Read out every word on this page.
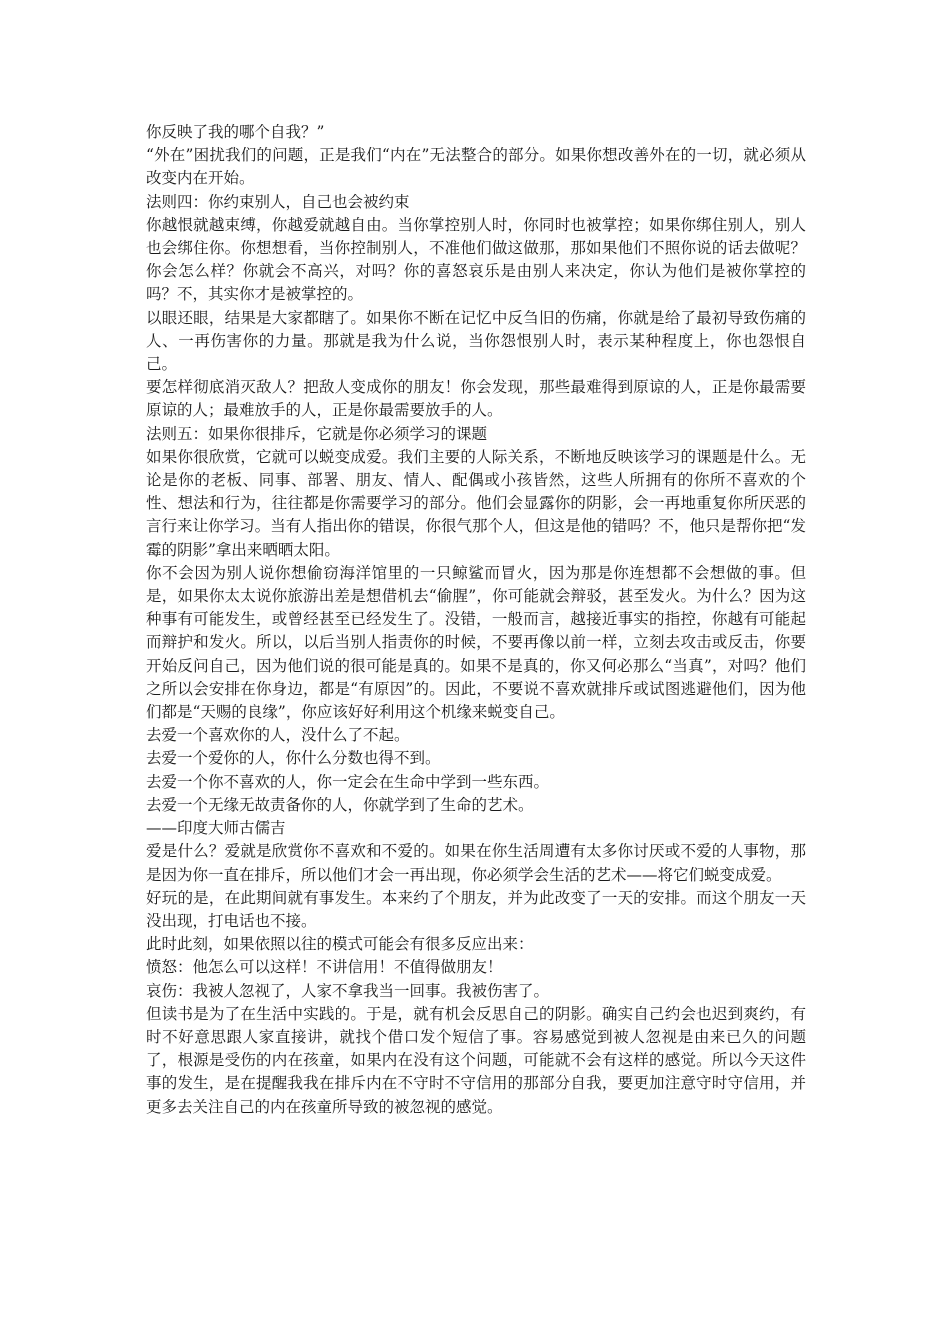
你反映了我的哪个自我？”

“外在”困扰我们的问题，正是我们“内在”无法整合的部分。如果你想改善外在的一切，就必须从改变内在开始。

法则四：你约束别人，自己也会被约束

你越恨就越束缚，你越爱就越自由。当你掌控别人时，你同时也被掌控；如果你绑住别人，别人也会绑住你。你想想看，当你控制别人，不准他们做这做那，那如果他们不照你说的话去做呢？你会怎么样？你就会不高兴，对吗？你的喜怒哀乐是由别人来决定，你认为他们是被你掌控的吗？不，其实你才是被掌控的。

以眼还眼，结果是大家都瞎了。如果你不断在记忆中反刍旧的伤痛，你就是给了最初导致伤痛的人、一再伤害你的力量。那就是我为什么说，当你怨恨别人时，表示某种程度上，你也怨恨自己。

要怎样彻底消灭敌人？把敌人变成你的朋友！你会发现，那些最难得到原谅的人，正是你最需要原谅的人；最难放手的人，正是你最需要放手的人。

法则五：如果你很排斥，它就是你必须学习的课题

如果你很欣赏，它就可以蜕变成爱。我们主要的人际关系，不断地反映该学习的课题是什么。无论是你的老板、同事、部署、朋友、情人、配偶或小孩皆然，这些人所拥有的你所不喜欢的个性、想法和行为，往往都是你需要学习的部分。他们会显露你的阴影，会一再地重复你所厌恶的言行来让你学习。当有人指出你的错误，你很气那个人，但这是他的错吗？不，他只是帮你把“发霉的阴影”拿出来晒晒太阳。

你不会因为别人说你想偷窃海洋馆里的一只鲸鲨而冒火，因为那是你连想都不会想做的事。但是，如果你太太说你旅游出差是想借机去“偷腥”，你可能就会辩驳，甚至发火。为什么？因为这种事有可能发生，或曾经甚至已经发生了。没错，一般而言，越接近事实的指控，你越有可能起而辩护和发火。所以，以后当别人指责你的时候，不要再像以前一样，立刻去攻击或反击，你要开始反问自己，因为他们说的很可能是真的。如果不是真的，你又何必那么“当真”，对吗？他们之所以会安排在你身边，都是“有原因”的。因此，不要说不喜欢就排斥或试图逃避他们，因为他们都是“天赐的良缘”，你应该好好利用这个机缘来蜕变自己。

去爱一个喜欢你的人，没什么了不起。

去爱一个爱你的人，你什么分数也得不到。

去爱一个你不喜欢的人，你一定会在生命中学到一些东西。

去爱一个无缘无故责备你的人，你就学到了生命的艺术。

——印度大师古儒吉

爱是什么？爱就是欣赏你不喜欢和不爱的。如果在你生活周遭有太多你讨厌或不爱的人事物，那是因为你一直在排斥，所以他们才会一再出现，你必须学会生活的艺术——将它们蜕变成爱。

好玩的是，在此期间就有事发生。本来约了个朋友，并为此改变了一天的安排。而这个朋友一天没出现，打电话也不接。

此时此刻，如果依照以往的模式可能会有很多反应出来：

愤怒：他怎么可以这样！不讲信用！不值得做朋友！

哀伤：我被人忽视了，人家不拿我当一回事。我被伤害了。

但读书是为了在生活中实践的。于是，就有机会反思自己的阴影。确实自己约会也迟到爽约，有时不好意思跟人家直接讲，就找个借口发个短信了事。容易感觉到被人忽视是由来已久的问题了，根源是受伤的内在孩童，如果内在没有这个问题，可能就不会有这样的感觉。所以今天这件事的发生，是在提醒我我在排斥内在不守时不守信用的那部分自我，要更加注意守时守信用，并更多去关注自己的内在孩童所导致的被忽视的感觉。
